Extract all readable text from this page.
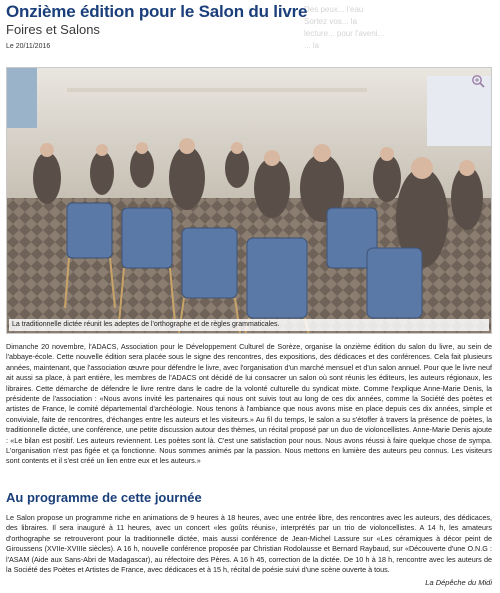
Des peux... l'eau
Sortez vos... la
lecture... pour l'aveni...
... la
Onzième édition pour le Salon du livre
Foires et Salons
Le 20/11/2016
La traditionnelle dictée réunit les adeptes de l'orthographe et de règles grammaticales.

Dimanche 20 novembre, l'ADACS, Association pour le Développement Culturel de Sorèze, organise la onzième édition du salon du livre, au sein de l'abbaye-école. Cette nouvelle édition sera placée sous le signe des rencontres, des expositions, des dédicaces et des conférences. Cela fait plusieurs années, maintenant, que l'association œuvre pour défendre le livre, avec l'organisation d'un marché mensuel et d'un salon annuel. Pour que le livre neuf ait aussi sa place, à part entière, les membres de l'ADACS ont décidé de lui consacrer un salon où sont réunis les éditeurs, les auteurs régionaux, les libraires. Cette démarche de défendre le livre rentre dans le cadre de la volonté culturelle du syndicat mixte. Comme l'explique Anne-Marie Denis, la présidente de l'association : «Nous avons invité les partenaires qui nous ont suivis tout au long de ces dix années, comme la Société des poètes et artistes de France, le comité départemental d'archéologie. Nous tenons à l'ambiance que nous avons mise en place depuis ces dix années, simple et conviviale, faite de rencontres, d'échanges entre les auteurs et les visiteurs.» Au fil du temps, le salon a su s'étoffer à travers la présence de poètes, la traditionnelle dictée, une conférence, une petite discussion autour des thèmes, un récital proposé par un duo de violoncellistes. Anne-Marie Denis ajoute : «Le bilan est positif. Les auteurs reviennent. Les poètes sont là. C'est une satisfaction pour nous. Nous avons réussi à faire quelque chose de sympa. L'organisation n'est pas figée et ça fonctionne. Nous sommes animés par la passion. Nous mettons en lumière des auteurs peu connus. Les visiteurs sont contents et il s'est créé un lien entre eux et les auteurs.»

Au programme de cette journée

Le Salon propose un programme riche en animations de 9 heures à 18 heures, avec une entrée libre, des rencontres avec les auteurs, des dédicaces, des libraires. Il sera inauguré à 11 heures, avec un concert «les goûts réunis», interprétés par un trio de violoncellistes. A 14 h, les amateurs d'orthographe se retrouveront pour la traditionnelle dictée, mais aussi conférence de Jean-Michel Lassure sur «Les céramiques à décor peint de Giroussens (XVIIe-XVIIIe siècles). A 16 h, nouvelle conférence proposée par Christian Rodolausse et Bernard Raybaud, sur «Découverte d'une O.N.G : l'ASAM (Aide aux Sans-Abri de Madagascar), au réfectoire des Pères. A 16 h 45, correction de la dictée. De 10 h à 18 h, rencontre avec les auteurs de la Société des Poètes et Artistes de France, avec dédicaces et à 15 h, récital de poésie suivi d'une scène ouverte à tous.

La Dépêche du Midi
